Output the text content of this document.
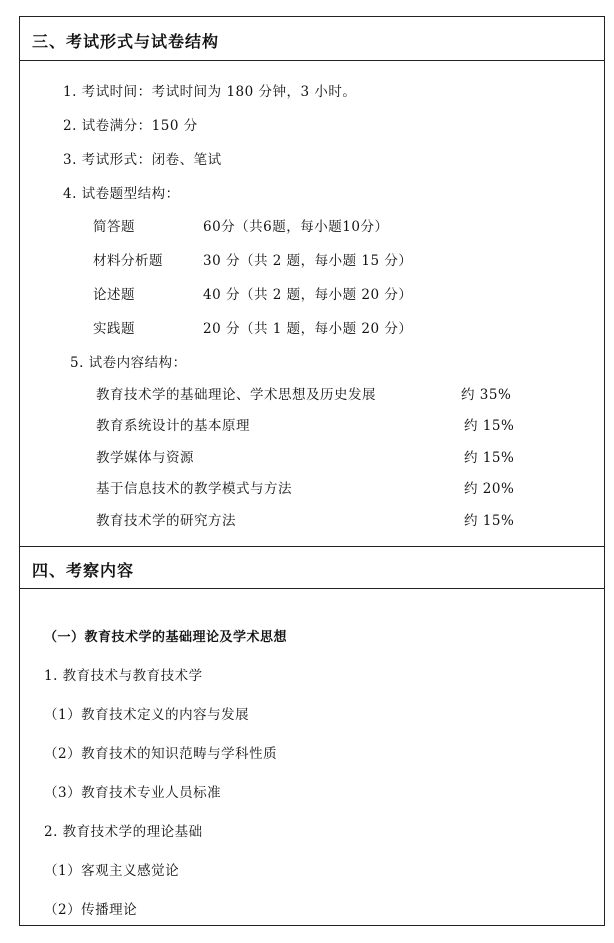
三、考试形式与试卷结构
1. 考试时间：考试时间为 180 分钟，3 小时。
2. 试卷满分：150 分
3. 考试形式：闭卷、笔试
4. 试卷题型结构：
简答题	60分（共6题，每小题10分）
材料分析题	30 分（共 2 题，每小题 15 分）
论述题	40 分（共 2 题，每小题 20 分）
实践题	20 分（共 1 题，每小题 20 分）
5. 试卷内容结构：
教育技术学的基础理论、学术思想及历史发展	约 35%
教育系统设计的基本原理	约 15%
教学媒体与资源	约 15%
基于信息技术的教学模式与方法	约 20%
教育技术学的研究方法	约 15%
四、考察内容
（一）教育技术学的基础理论及学术思想
1. 教育技术与教育技术学
（1）教育技术定义的内容与发展
（2）教育技术的知识范畴与学科性质
（3）教育技术专业人员标准
2. 教育技术学的理论基础
（1）客观主义感觉论
（2）传播理论
